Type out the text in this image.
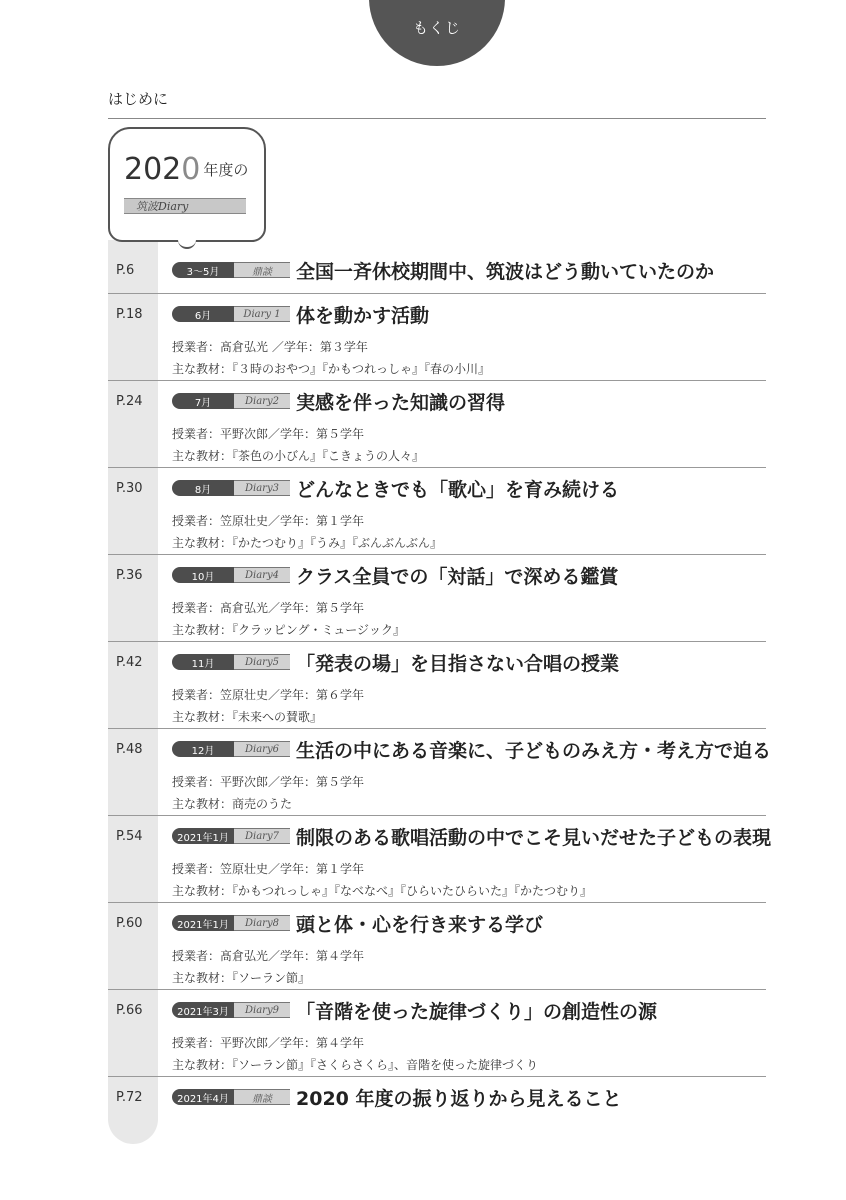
もくじ
はじめに
2020 年度の
筑波Diary
P.6	3〜5月	鼎談	全国一斉休校期間中、筑波はどう動いていたのか
P.18	6月	Diary 1 体を動かす活動
授業者：髙倉弘光 ／学年：第３学年
主な教材：『３時のおやつ』『かもつれっしゃ』『春の小川』
P.24	7月	Diary2 実感を伴った知識の習得
授業者：平野次郎／学年：第５学年
主な教材：『茶色の小びん』『こきょうの人々』
P.30	8月	Diary3 どんなときでも「歌心」を育み続ける
授業者：笠原壮史／学年：第１学年
主な教材：『かたつむり』『うみ』『ぶんぶんぶん』
P.36	10月	Diary4 クラス全員での「対話」で深める鑑賞
授業者：髙倉弘光／学年：第５学年
主な教材：『クラッピング・ミュージック』
P.42	11月	Diary5 「発表の場」を目指さない合唱の授業
授業者：笠原壮史／学年：第６学年
主な教材：『未来への賛歌』
P.48	12月	Diary6 生活の中にある音楽に、子どものみえ方・考え方で迫る
授業者：平野次郎／学年：第５学年
主な教材：商売のうた
P.54	2021年1月	Diary7 制限のある歌唱活動の中でこそ見いだせた子どもの表現
授業者：笠原壮史／学年：第１学年
主な教材：『かもつれっしゃ』『なべなべ』『ひらいたひらいた』『かたつむり』
P.60	2021年1月	Diary8 頭と体・心を行き来する学び
授業者：髙倉弘光／学年：第４学年
主な教材：『ソーラン節』
P.66	2021年3月	Diary9 「音階を使った旋律づくり」の創造性の源
授業者：平野次郎／学年：第４学年
主な教材：『ソーラン節』『さくらさくら』、音階を使った旋律づくり
P.72	2021年4月	鼎談	2020 年度の振り返りから見えること
